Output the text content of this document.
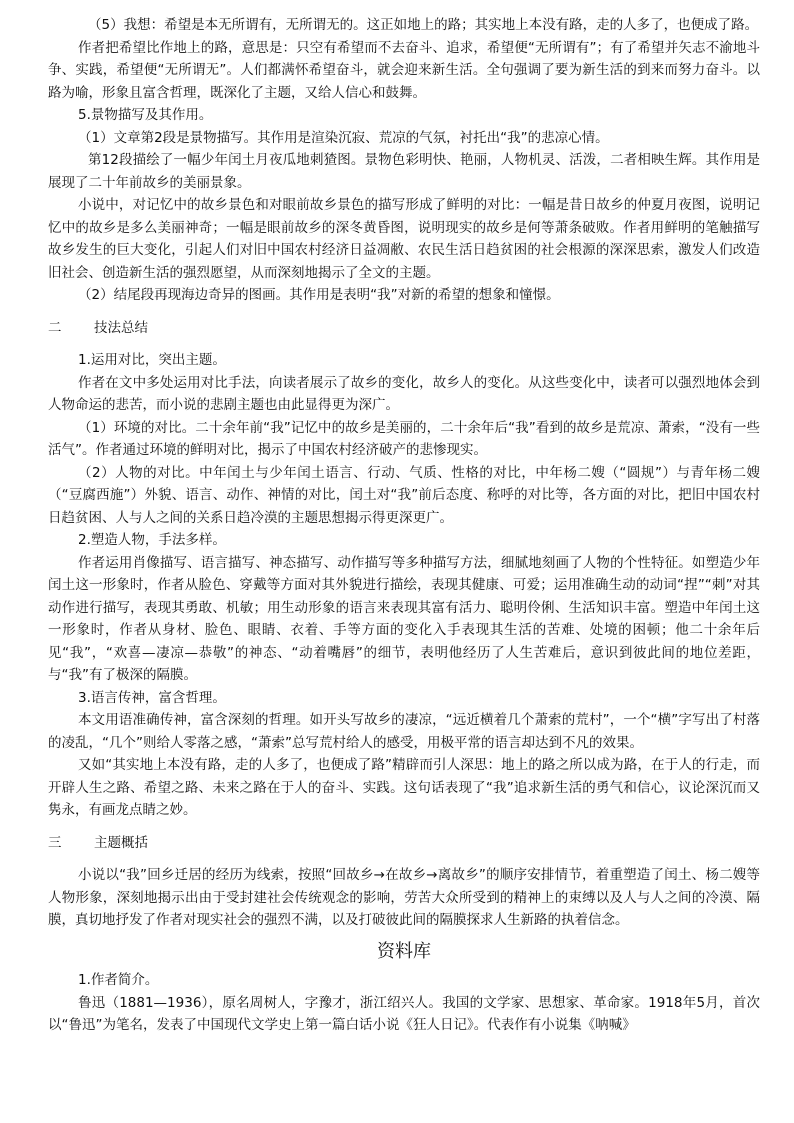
（5）我想：希望是本无所谓有，无所谓无的。这正如地上的路；其实地上本没有路，走的人多了，也便成了路。

作者把希望比作地上的路，意思是：只空有希望而不去奋斗、追求，希望便“无所谓有”；有了希望并矢志不渝地斗争、实践，希望便“无所谓无”。人们都满怀希望奋斗，就会迎来新生活。全句强调了要为新生活的到来而努力奋斗。以路为喻，形象且富含哲理，既深化了主题，又给人信心和鼓舞。

5.景物描写及其作用。

（1）文章第2段是景物描写。其作用是渲染沉寂、荒凉的气氛，衬托出“我”的悲凉心情。

第12段描绘了一幅少年闰土月夜瓜地刺猹图。景物色彩明快、艳丽，人物机灵、活泼，二者相映生辉。其作用是展现了二十年前故乡的美丽景象。

小说中，对记忆中的故乡景色和对眼前故乡景色的描写形成了鲜明的对比：一幅是昔日故乡的仲夏月夜图，说明记忆中的故乡是多么美丽神奇；一幅是眼前故乡的深冬黄昏图，说明现实的故乡是何等萧条破败。作者用鲜明的笔触描写故乡发生的巨大变化，引起人们对旧中国农村经济日益凋敝、农民生活日趋贫困的社会根源的深深思索，激发人们改造旧社会、创造新生活的强烈愿望，从而深刻地揭示了全文的主题。

（2）结尾段再现海边奇异的图画。其作用是表明“我”对新的希望的想象和憧憬。

二	技法总结

1.运用对比，突出主题。

作者在文中多处运用对比手法，向读者展示了故乡的变化，故乡人的变化。从这些变化中，读者可以强烈地体会到人物命运的悲苦，而小说的悲剧主题也由此显得更为深广。

（1）环境的对比。二十余年前“我”记忆中的故乡是美丽的，二十余年后“我”看到的故乡是荒凉、萧索，“没有一些活气”。作者通过环境的鲜明对比，揭示了中国农村经济破产的悲惨现实。

（2）人物的对比。中年闰土与少年闰土语言、行动、气质、性格的对比，中年杨二嫂（“圆规”）与青年杨二嫂（“豆腐西施”）外貌、语言、动作、神情的对比，闰土对“我”前后态度、称呼的对比等，各方面的对比，把旧中国农村日趋贫困、人与人之间的关系日趋冷漠的主题思想揭示得更深更广。

2.塑造人物，手法多样。

作者运用肖像描写、语言描写、神态描写、动作描写等多种描写方法，细腻地刻画了人物的个性特征。如塑造少年闰土这一形象时，作者从脸色、穿戴等方面对其外貌进行描绘，表现其健康、可爱；运用准确生动的动词“捏”“刺”对其动作进行描写，表现其勇敢、机敏；用生动形象的语言来表现其富有活力、聪明伶俐、生活知识丰富。塑造中年闰土这一形象时，作者从身材、脸色、眼睛、衣着、手等方面的变化入手表现其生活的苦难、处境的困顿；他二十余年后见“我”，“欢喜—凄凉—恭敬”的神态、“动着嘴唇”的细节，表明他经历了人生苦难后，意识到彼此间的地位差距，与“我”有了极深的隔膜。

3.语言传神，富含哲理。

本文用语准确传神，富含深刻的哲理。如开头写故乡的凄凉，“远近横着几个萧索的荒村”，一个“横”字写出了村落的凌乱，“几个”则给人零落之感，“萧索”总写荒村给人的感受，用极平常的语言却达到不凡的效果。

又如“其实地上本没有路，走的人多了，也便成了路”精辟而引人深思：地上的路之所以成为路，在于人的行走，而开辟人生之路、希望之路、未来之路在于人的奋斗、实践。这句话表现了“我”追求新生活的勇气和信心，议论深沉而又隽永，有画龙点睛之妙。

三	主题概括

小说以“我”回乡迁居的经历为线索，按照“回故乡→在故乡→离故乡”的顺序安排情节，着重塑造了闰土、杨二嫂等人物形象，深刻地揭示出由于受封建社会传统观念的影响，劳苦大众所受到的精神上的束缚以及人与人之间的冷漠、隔膜，真切地抒发了作者对现实社会的强烈不满，以及打破彼此间的隔膜探求人生新路的执着信念。

资料库

1.作者简介。

鲁迅（1881—1936），原名周树人，字豫才，浙江绍兴人。我国的文学家、思想家、革命家。1918年5月，首次以“鲁迅”为笔名，发表了中国现代文学史上第一篇白话小说《狂人日记》。代表作有小说集《呐喊》
